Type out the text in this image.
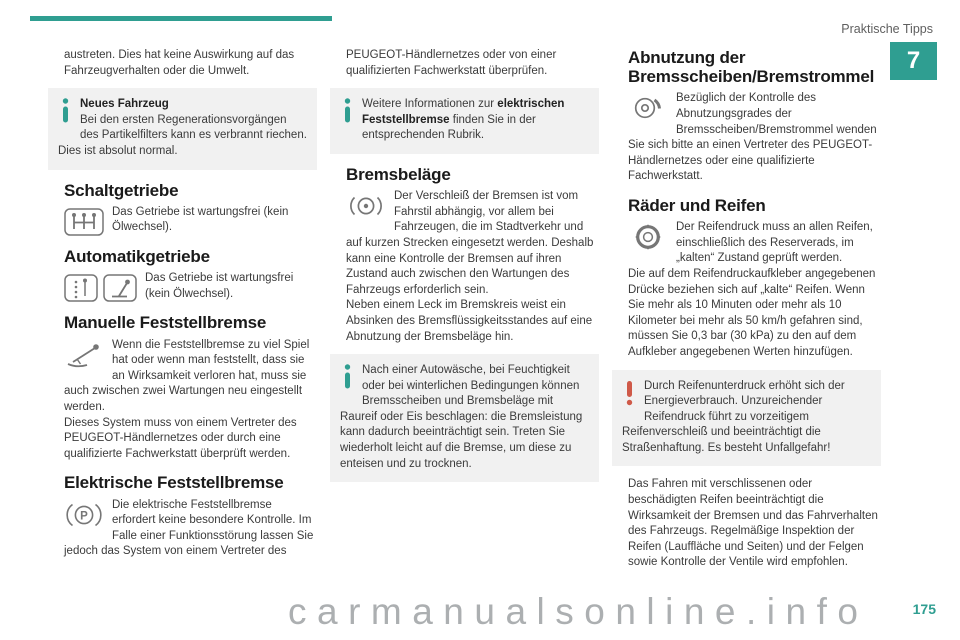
Praktische Tipps
7

austreten. Dies hat keine Auswirkung auf das Fahrzeugverhalten oder die Umwelt.

Neues Fahrzeug

Bei den ersten Regenerationsvorgängen des Partikelfilters kann es verbrannt riechen. Dies ist absolut normal.

Schaltgetriebe

Das Getriebe ist wartungsfrei (kein Ölwechsel).

Automatikgetriebe

Das Getriebe ist wartungsfrei (kein Ölwechsel).

Manuelle Feststellbremse

Wenn die Feststellbremse zu viel Spiel hat oder wenn man feststellt, dass sie an Wirksamkeit verloren hat, muss sie auch zwischen zwei Wartungen neu eingestellt werden.

Dieses System muss von einem Vertreter des PEUGEOT-Händlernetzes oder durch eine qualifizierte Fachwerkstatt überprüft werden.

Elektrische Feststellbremse
P

Die elektrische Feststellbremse erfordert keine besondere Kontrolle. Im Falle einer Funktionsstörung lassen Sie jedoch das System von einem Vertreter des

PEUGEOT-Händlernetzes oder von einer qualifizierten Fachwerkstatt überprüfen.

Weitere Informationen zur elektrischen Feststellbremse finden Sie in der entsprechenden Rubrik.

Bremsbeläge

Der Verschleiß der Bremsen ist vom Fahrstil abhängig, vor allem bei Fahrzeugen, die im Stadtverkehr und auf kurzen Strecken eingesetzt werden. Deshalb kann eine Kontrolle der Bremsen auf ihren Zustand auch zwischen den Wartungen des Fahrzeugs erforderlich sein.

Neben einem Leck im Bremskreis weist ein Absinken des Bremsflüssigkeitsstandes auf eine Abnutzung der Bremsbeläge hin.

Nach einer Autowäsche, bei Feuchtigkeit oder bei winterlichen Bedingungen können Bremsscheiben und Bremsbeläge mit Raureif oder Eis beschlagen: die Bremsleistung kann dadurch beeinträchtigt sein. Treten Sie wiederholt leicht auf die Bremse, um diese zu enteisen und zu trocknen.

Abnutzung der Bremsscheiben/Bremstrommel

Bezüglich der Kontrolle des Abnutzungsgrades der Bremsscheiben/Bremstrommel wenden Sie sich bitte an einen Vertreter des PEUGEOT-Händlernetzes oder eine qualifizierte Fachwerkstatt.

Räder und Reifen

Der Reifendruck muss an allen Reifen, einschließlich des Reserverads, im „kalten“ Zustand geprüft werden.

Die auf dem Reifendruckaufkleber angegebenen Drücke beziehen sich auf „kalte“ Reifen. Wenn Sie mehr als 10 Minuten oder mehr als 10 Kilometer bei mehr als 50 km/h gefahren sind, müssen Sie 0,3 bar (30 kPa) zu den auf dem Aufkleber angegebenen Werten hinzufügen.

Durch Reifenunterdruck erhöht sich der Energieverbrauch. Unzureichender Reifendruck führt zu vorzeitigem Reifenverschleiß und beeinträchtigt die Straßenhaftung. Es besteht Unfallgefahr!

Das Fahren mit verschlissenen oder beschädigten Reifen beeinträchtigt die Wirksamkeit der Bremsen und das Fahrverhalten des Fahrzeugs. Regelmäßige Inspektion der Reifen (Lauffläche und Seiten) und der Felgen sowie Kontrolle der Ventile wird empfohlen.

carmanualsonline.info	175
